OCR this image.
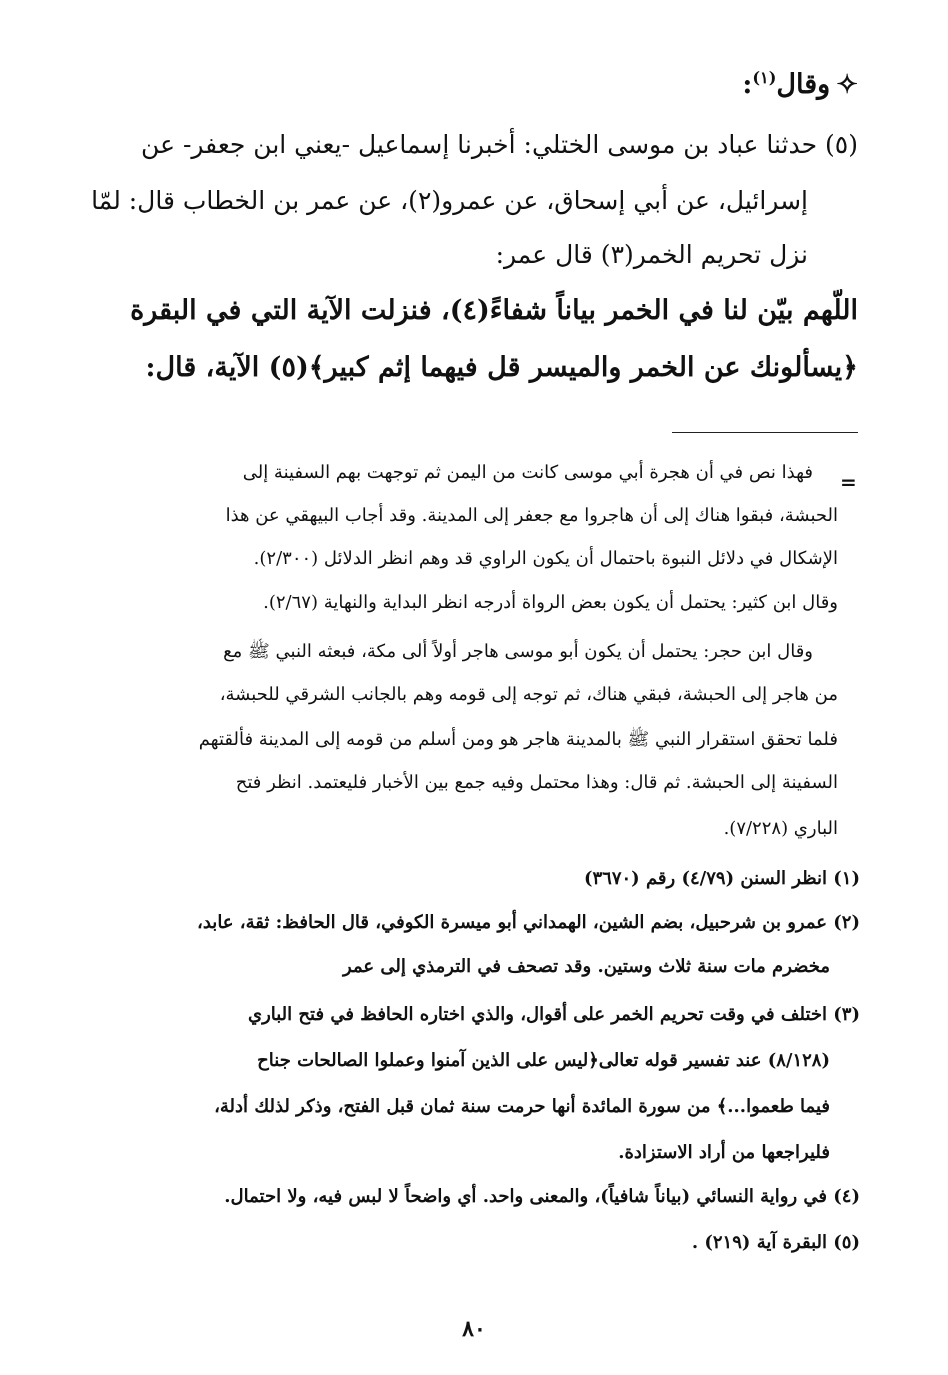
✧وقال$^{(١)}$:
(٥) حدثنا عباد بن موسى الختلي: أخبرنا إسماعيل -يعني ابن جعفر- عن
إسرائيل، عن أبي إسحاق، عن عمرو(٢)، عن عمر بن الخطاب قال: لمّا
نزل تحريم الخمر(٣) قال عمر:
اللّهم بيّن لنا في الخمر بياناً شفاءً(٤)، فنزلت الآية التي في البقرة
﴿يسألونك عن الخمر والميسر قل فيهما إثم كبير﴾(٥) الآية، قال:
=
فهذا نص في أن هجرة أبي موسى كانت من اليمن ثم توجهت بهم السفينة إلى
الحبشة، فبقوا هناك إلى أن هاجروا مع جعفر إلى المدينة. وقد أجاب البيهقي عن هذا
الإشكال في دلائل النبوة باحتمال أن يكون الراوي قد وهم انظر الدلائل (٢/٣٠٠).
وقال ابن كثير: يحتمل أن يكون بعض الرواة أدرجه انظر البداية والنهاية (٢/٦٧).
وقال ابن حجر: يحتمل أن يكون أبو موسى هاجر أولاً ألى مكة، فبعثه النبي ﷺ مع
من هاجر إلى الحبشة، فبقي هناك، ثم توجه إلى قومه وهم بالجانب الشرقي للحبشة،
فلما تحقق استقرار النبي ﷺ بالمدينة هاجر هو ومن أسلم من قومه إلى المدينة فألقتهم
السفينة إلى الحبشة. ثم قال: وهذا محتمل وفيه جمع بين الأخبار فليعتمد. انظر فتح
الباري (٧/٢٢٨).
(١) انظر السنن (٤/٧٩) رقم (٣٦٧٠)
(٢) عمرو بن شرحبيل، بضم الشين، الهمداني أبو ميسرة الكوفي، قال الحافظ: ثقة، عابد،
مخضرم مات سنة ثلاث وستين. وقد تصحف في الترمذي إلى عمر
(٣) اختلف في وقت تحريم الخمر على أقوال، والذي اختاره الحافظ في فتح الباري
(٨/١٢٨) عند تفسير قوله تعالى﴿ليس على الذين آمنوا وعملوا الصالحات جناح
فيما طعموا...﴾ من سورة المائدة أنها حرمت سنة ثمان قبل الفتح، وذكر لذلك أدلة،
فليراجعها من أراد الاستزادة.
(٤) في رواية النسائي (بياناً شافياً)، والمعنى واحد. أي واضحاً لا لبس فيه، ولا احتمال.
(٥) البقرة آية (٢١٩) .
٨٠
